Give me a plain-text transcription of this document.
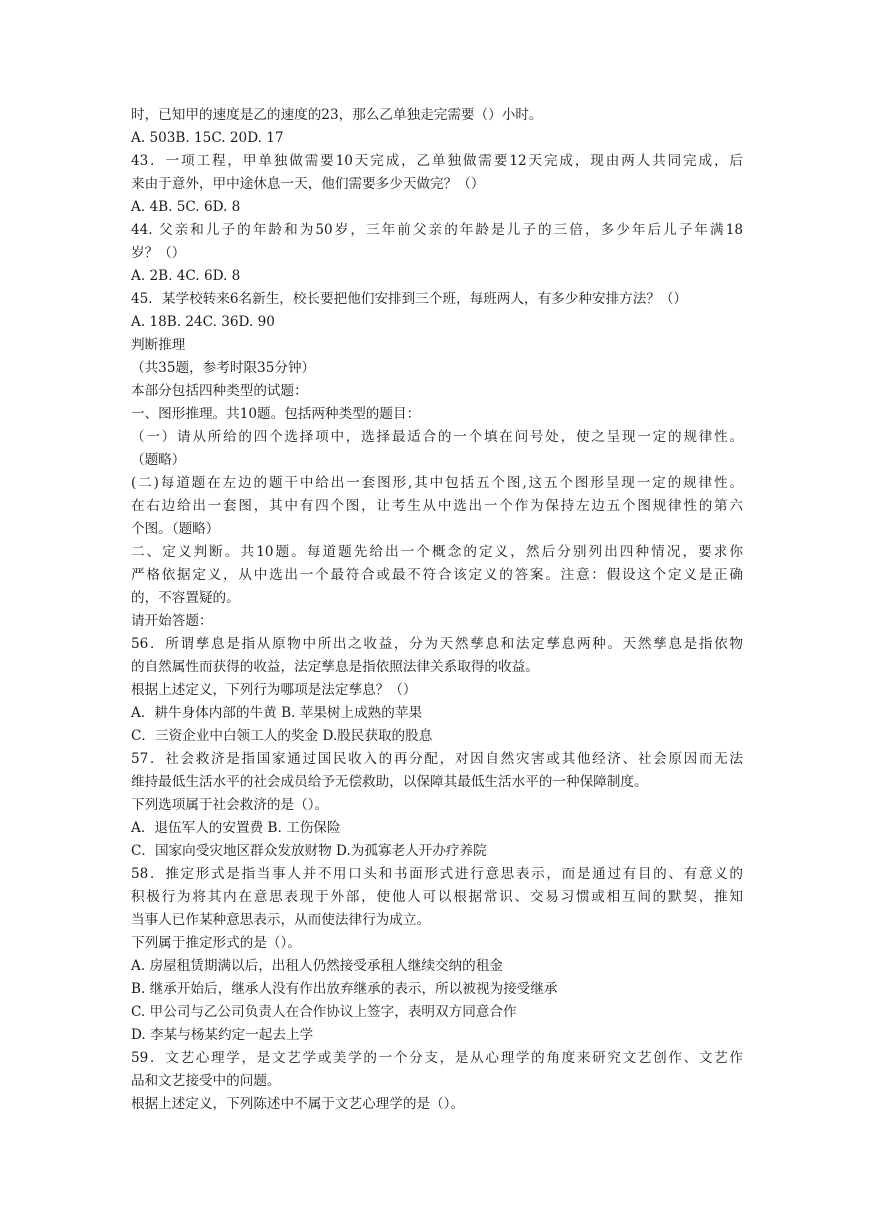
时，已知甲的速度是乙的速度的23，那么乙单独走完需要（）小时。
A. 503B. 15C. 20D. 17
43．一项工程，甲单独做需要10天完成，乙单独做需要12天完成，现由两人共同完成，后
来由于意外，甲中途休息一天，他们需要多少天做完？（）
A. 4B. 5C. 6D. 8
44. 父亲和儿子的年龄和为50岁，三年前父亲的年龄是儿子的三倍，多少年后儿子年满18
岁？（）
A. 2B. 4C. 6D. 8
45．某学校转来6名新生，校长要把他们安排到三个班，每班两人，有多少种安排方法？（）
A. 18B. 24C. 36D. 90
判断推理
（共35题，参考时限35分钟）
本部分包括四种类型的试题：
一、图形推理。共10题。包括两种类型的题目：
（一）请从所给的四个选择项中，选择最适合的一个填在问号处，使之呈现一定的规律性。
（题略）
(二)每道题在左边的题干中给出一套图形,其中包括五个图,这五个图形呈现一定的规律性。
在右边给出一套图，其中有四个图，让考生从中选出一个作为保持左边五个图规律性的第六
个图。（题略）
二、定义判断。共10题。每道题先给出一个概念的定义，然后分别列出四种情况，要求你
严格依据定义，从中选出一个最符合或最不符合该定义的答案。注意：假设这个定义是正确
的，不容置疑的。
请开始答题：
56．所谓孳息是指从原物中所出之收益，分为天然孳息和法定孳息两种。天然孳息是指依物
的自然属性而获得的收益，法定孳息是指依照法律关系取得的收益。
根据上述定义，下列行为哪项是法定孳息？（）
A．耕牛身体内部的牛黄 B. 苹果树上成熟的苹果
C．三资企业中白领工人的奖金 D.股民获取的股息
57．社会救济是指国家通过国民收入的再分配，对因自然灾害或其他经济、社会原因而无法
维持最低生活水平的社会成员给予无偿救助，以保障其最低生活水平的一种保障制度。
下列选项属于社会救济的是（）。
A．退伍军人的安置费 B. 工伤保险
C．国家向受灾地区群众发放财物 D.为孤寡老人开办疗养院
58．推定形式是指当事人并不用口头和书面形式进行意思表示，而是通过有目的、有意义的
积极行为将其内在意思表现于外部，使他人可以根据常识、交易习惯或相互间的默契，推知
当事人已作某种意思表示，从而使法律行为成立。
下列属于推定形式的是（）。
A. 房屋租赁期满以后，出租人仍然接受承租人继续交纳的租金
B. 继承开始后，继承人没有作出放弃继承的表示，所以被视为接受继承
C. 甲公司与乙公司负责人在合作协议上签字，表明双方同意合作
D. 李某与杨某约定一起去上学
59．文艺心理学，是文艺学或美学的一个分支，是从心理学的角度来研究文艺创作、文艺作
品和文艺接受中的问题。
根据上述定义，下列陈述中不属于文艺心理学的是（）。
